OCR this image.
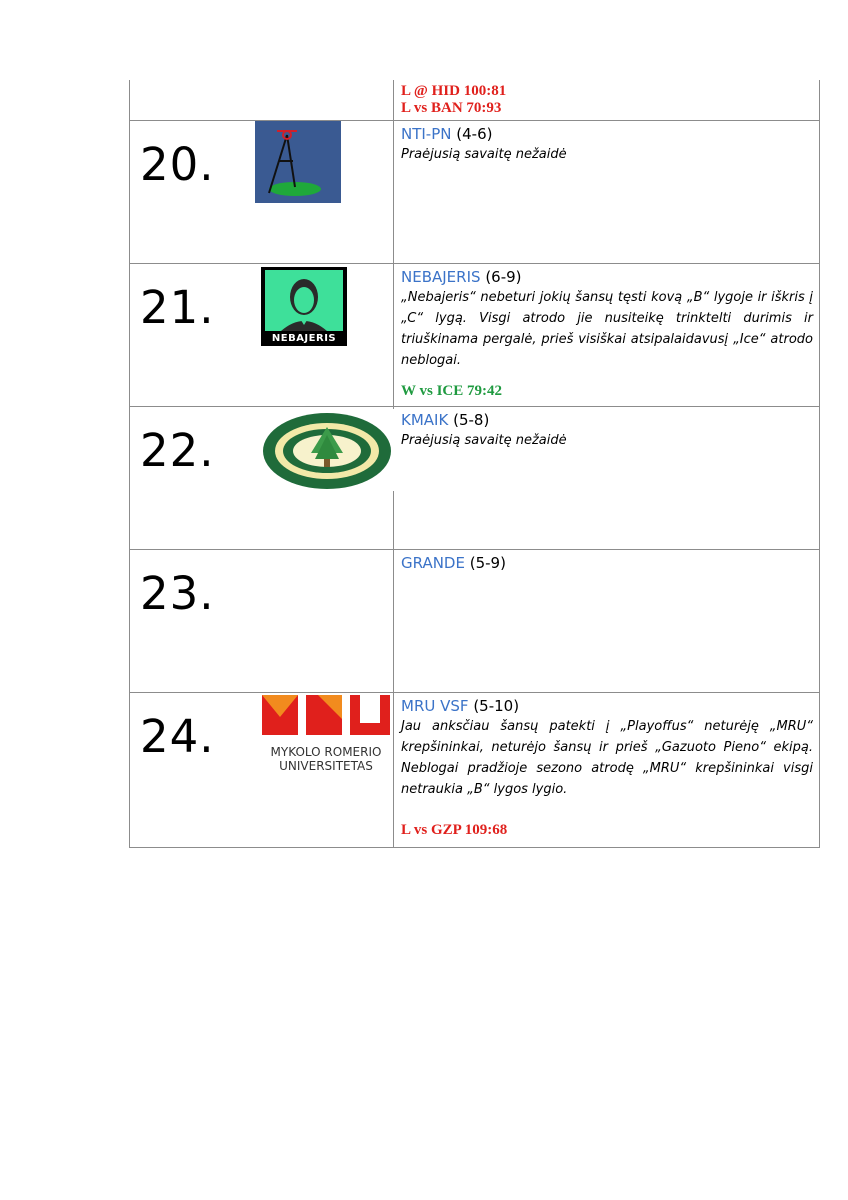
L @ HID 100:81
L vs BAN 70:93
20.
NTI-PN (4-6)
Praėjusią savaitę nežaidė
21.
NEBAJERIS
NEBAJERIS (6-9)
„Nebajeris“ nebeturi jokių šansų tęsti kovą „B“ lygoje ir iškris į „C“ lygą. Visgi atrodo jie nusiteikę trinktelti durimis ir triuškinama pergalė, prieš visiškai atsipalaidavusį „Ice“ atrodo neblogai.
W vs ICE 79:42
22.
KMAIK (5-8)
Praėjusią savaitę nežaidė
23.
GRANDE (5-9)
24.	MYKOLO ROMERIO
UNIVERSITETAS
MRU VSF (5-10)
Jau anksčiau šansų patekti į „Playoffus“ neturėję „MRU“ krepšininkai, neturėjo šansų ir prieš „Gazuoto Pieno“ ekipą. Neblogai pradžioje sezono atrodę „MRU“ krepšininkai visgi netraukia „B“ lygos lygio.
L vs GZP 109:68
